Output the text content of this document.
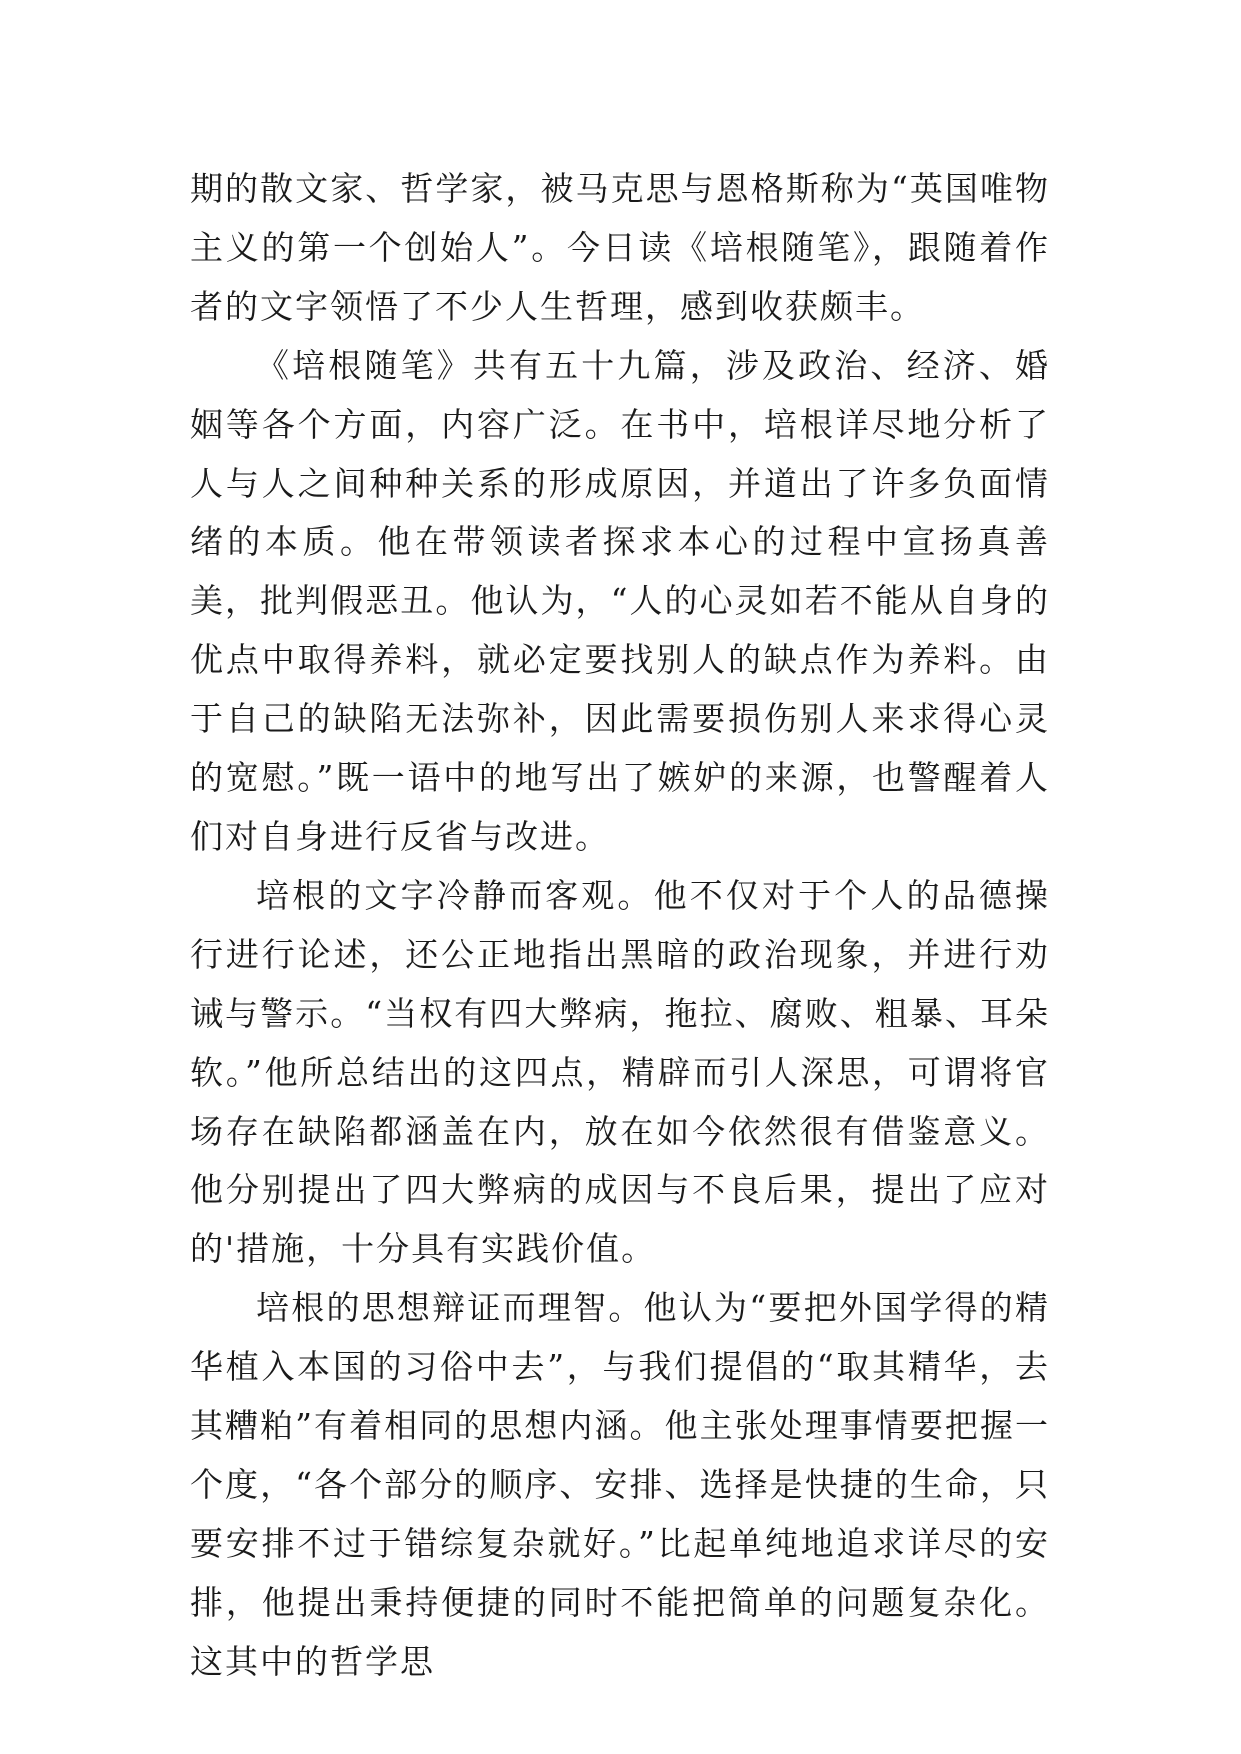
期的散文家、哲学家，被马克思与恩格斯称为“英国唯物主义的第一个创始人”。今日读《培根随笔》，跟随着作者的文字领悟了不少人生哲理，感到收获颇丰。

《培根随笔》共有五十九篇，涉及政治、经济、婚姻等各个方面，内容广泛。在书中，培根详尽地分析了人与人之间种种关系的形成原因，并道出了许多负面情绪的本质。他在带领读者探求本心的过程中宣扬真善美，批判假恶丑。他认为，“人的心灵如若不能从自身的优点中取得养料，就必定要找别人的缺点作为养料。由于自己的缺陷无法弥补，因此需要损伤别人来求得心灵的宽慰。”既一语中的地写出了嫉妒的来源，也警醒着人们对自身进行反省与改进。

培根的文字冷静而客观。他不仅对于个人的品德操行进行论述，还公正地指出黑暗的政治现象，并进行劝诫与警示。“当权有四大弊病，拖拉、腐败、粗暴、耳朵软。”他所总结出的这四点，精辟而引人深思，可谓将官场存在缺陷都涵盖在内，放在如今依然很有借鉴意义。他分别提出了四大弊病的成因与不良后果，提出了应对的'措施，十分具有实践价值。

培根的思想辩证而理智。他认为“要把外国学得的精华植入本国的习俗中去”，与我们提倡的“取其精华，去其糟粕”有着相同的思想内涵。他主张处理事情要把握一个度，“各个部分的顺序、安排、选择是快捷的生命，只要安排不过于错综复杂就好。”比起单纯地追求详尽的安排，他提出秉持便捷的同时不能把简单的问题复杂化。这其中的哲学思
